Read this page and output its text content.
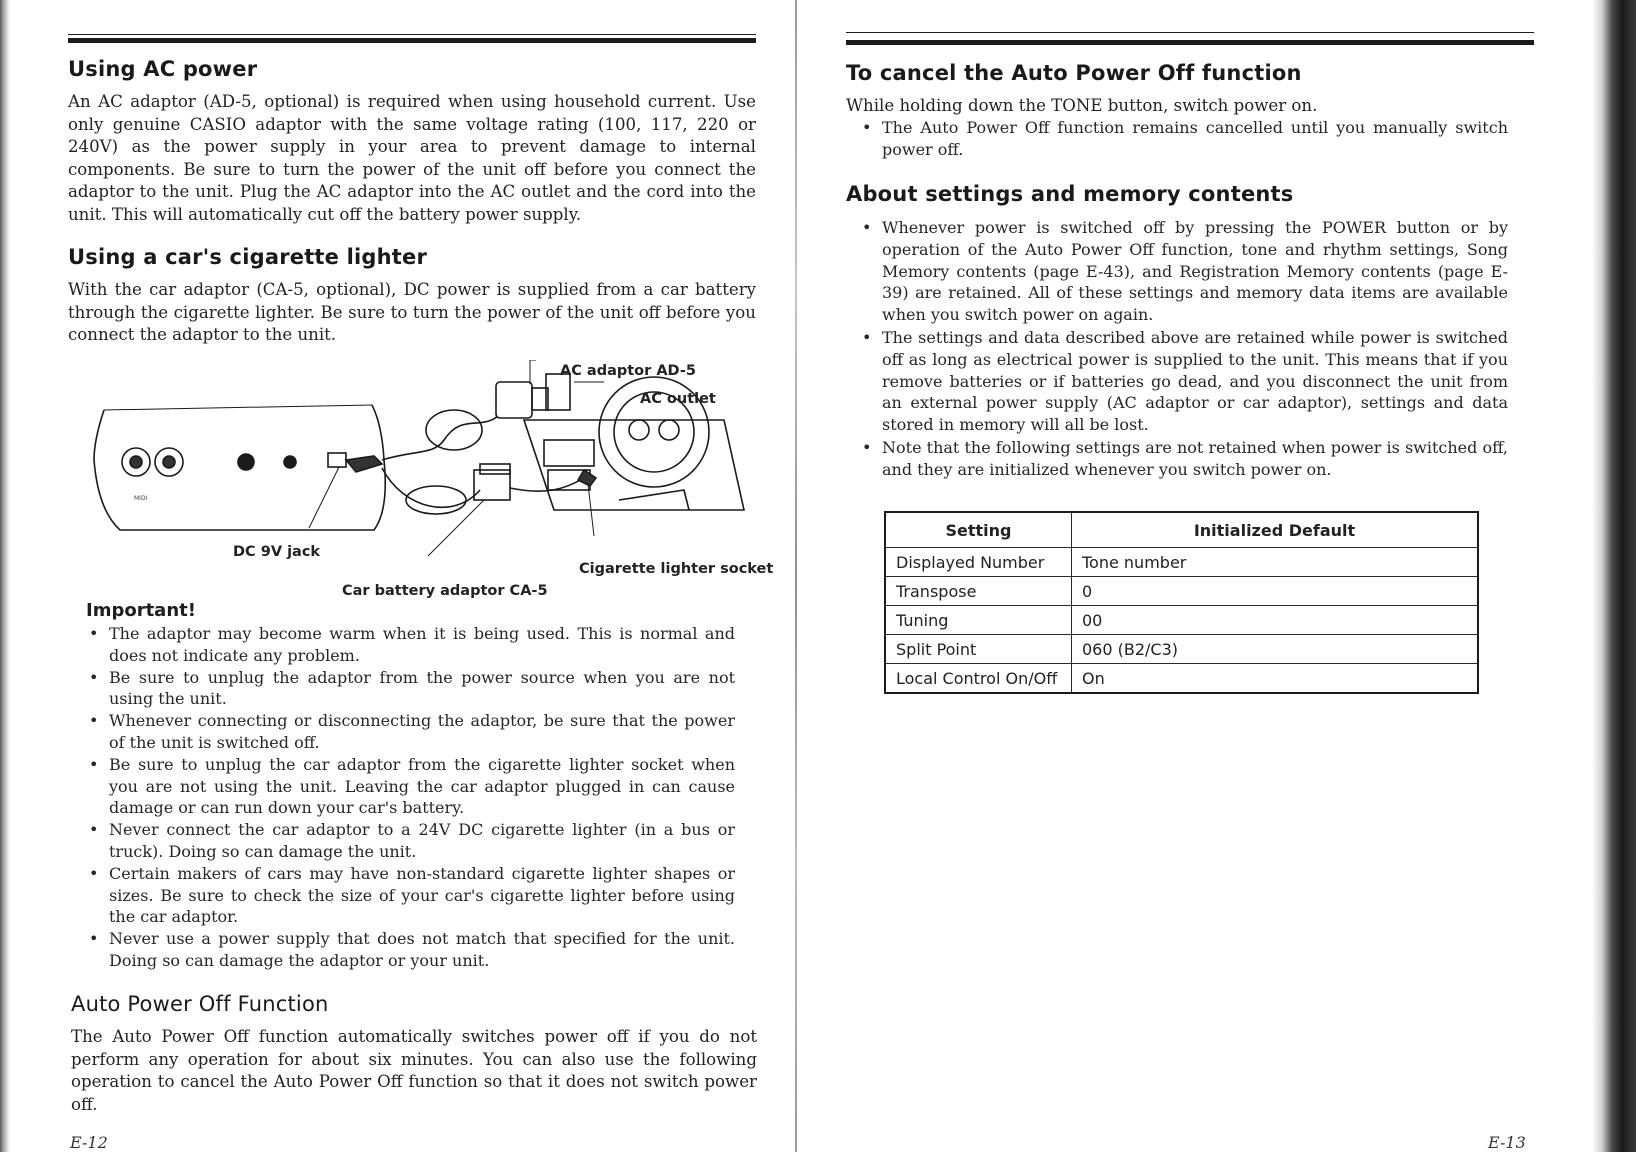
Using AC power

An AC adaptor (AD-5, optional) is required when using household current. Use only genuine CASIO adaptor with the same voltage rating (100, 117, 220 or 240V) as the power supply in your area to prevent damage to internal components. Be sure to turn the power of the unit off before you connect the adaptor to the unit. Plug the AC adaptor into the AC outlet and the cord into the unit. This will automatically cut off the battery power supply.

Using a car's cigarette lighter

With the car adaptor (CA-5, optional), DC power is supplied from a car battery through the cigarette lighter. Be sure to turn the power of the unit off before you connect the adaptor to the unit.

MIDI
AC adaptor AD-5
AC outlet
DC 9V jack
Cigarette lighter socket
Car battery adaptor CA-5
Important!
• The adaptor may become warm when it is being used. This is normal and does not indicate any problem.
• Be sure to unplug the adaptor from the power source when you are not using the unit.
• Whenever connecting or disconnecting the adaptor, be sure that the power of the unit is switched off.
• Be sure to unplug the car adaptor from the cigarette lighter socket when you are not using the unit. Leaving the car adaptor plugged in can cause damage or can run down your car's battery.
• Never connect the car adaptor to a 24V DC cigarette lighter (in a bus or truck). Doing so can damage the unit.
• Certain makers of cars may have non-standard cigarette lighter shapes or sizes. Be sure to check the size of your car's cigarette lighter before using the car adaptor.
• Never use a power supply that does not match that specified for the unit. Doing so can damage the adaptor or your unit.
Auto Power Off Function

The Auto Power Off function automatically switches power off if you do not perform any operation for about six minutes. You can also use the following operation to cancel the Auto Power Off function so that it does not switch power off.

E-12
To cancel the Auto Power Off function

While holding down the TONE button, switch power on.

• The Auto Power Off function remains cancelled until you manually switch power off.
About settings and memory contents
• Whenever power is switched off by pressing the POWER button or by operation of the Auto Power Off function, tone and rhythm settings, Song Memory contents (page E-43), and Registration Memory contents (page E-39) are retained. All of these settings and memory data items are available when you switch power on again.
• The settings and data described above are retained while power is switched off as long as electrical power is supplied to the unit. This means that if you remove batteries or if batteries go dead, and you disconnect the unit from an external power supply (AC adaptor or car adaptor), settings and data stored in memory will all be lost.
• Note that the following settings are not retained when power is switched off, and they are initialized whenever you switch power on.
Setting	Initialized Default
Displayed Number	Tone number
Transpose	0
Tuning	00
Split Point	060 (B2/C3)
Local Control On/Off	On
E-13
